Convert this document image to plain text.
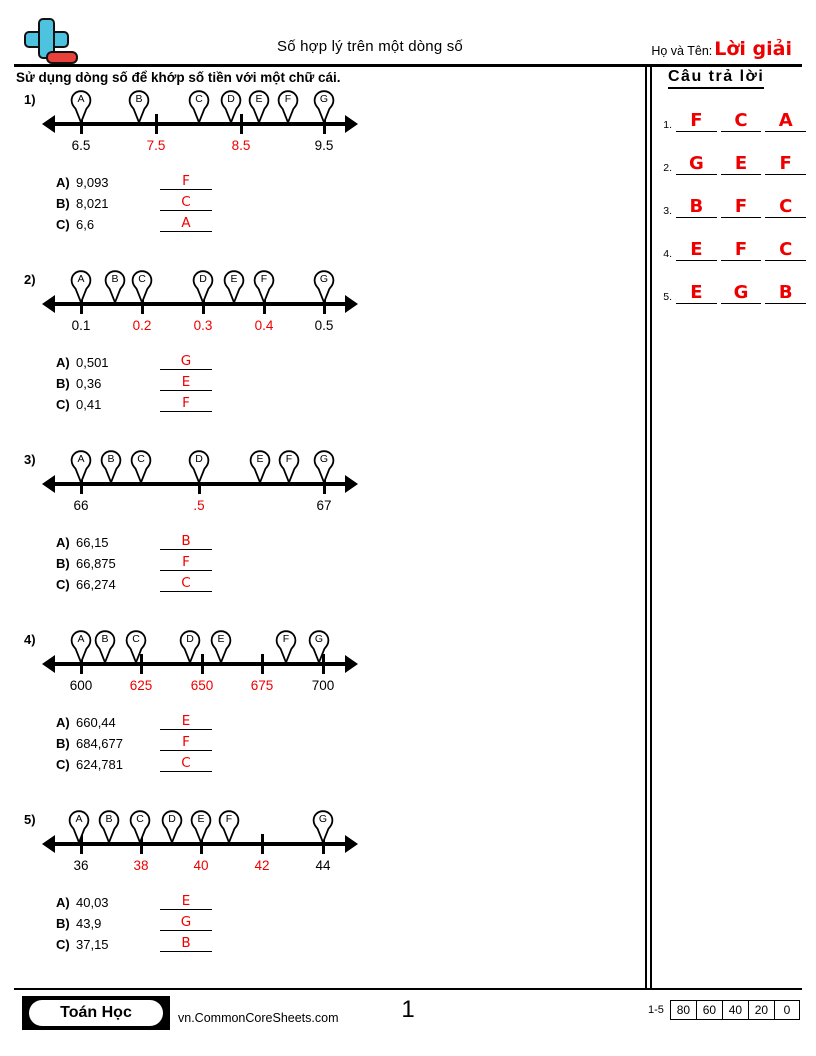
Số hợp lý trên một dòng số	Họ và Tên: Lời giải
Sử dụng dòng số để khớp số tiền với một chữ cái.	Câu trả lời
1.	F	C	A
2. G	E	F
3. B	F	C
4.	E	F	C
5.	E	G	B
1)
6.5	7.5	8.5	9.5
A	B	C	D	E	F	G
A) 9,093	F
B) 8,021	C
C) 6,6	A
2)
0.1	0.2	0.3	0.4	0.5
A	B	C	D	E	F	G
A) 0,501	G
B) 0,36	E
C) 0,41	F
3)
66	.5	67
A	B	C	D	E	F	G
A) 66,15	B
B) 66,875	F
C) 66,274	C
4)
600	625	650	675	700
A	B	C	D	E	F	G
A) 660,44	E
B) 684,677	F
C) 624,781	C
5)
36	38	40	42	44
A	B	C	D	E	F	G
A) 40,03	E
B) 43,9	G
C) 37,15	B
Toán Học	vn.CommonCoreSheets.com	1	1-5	80	60	40	20	0
